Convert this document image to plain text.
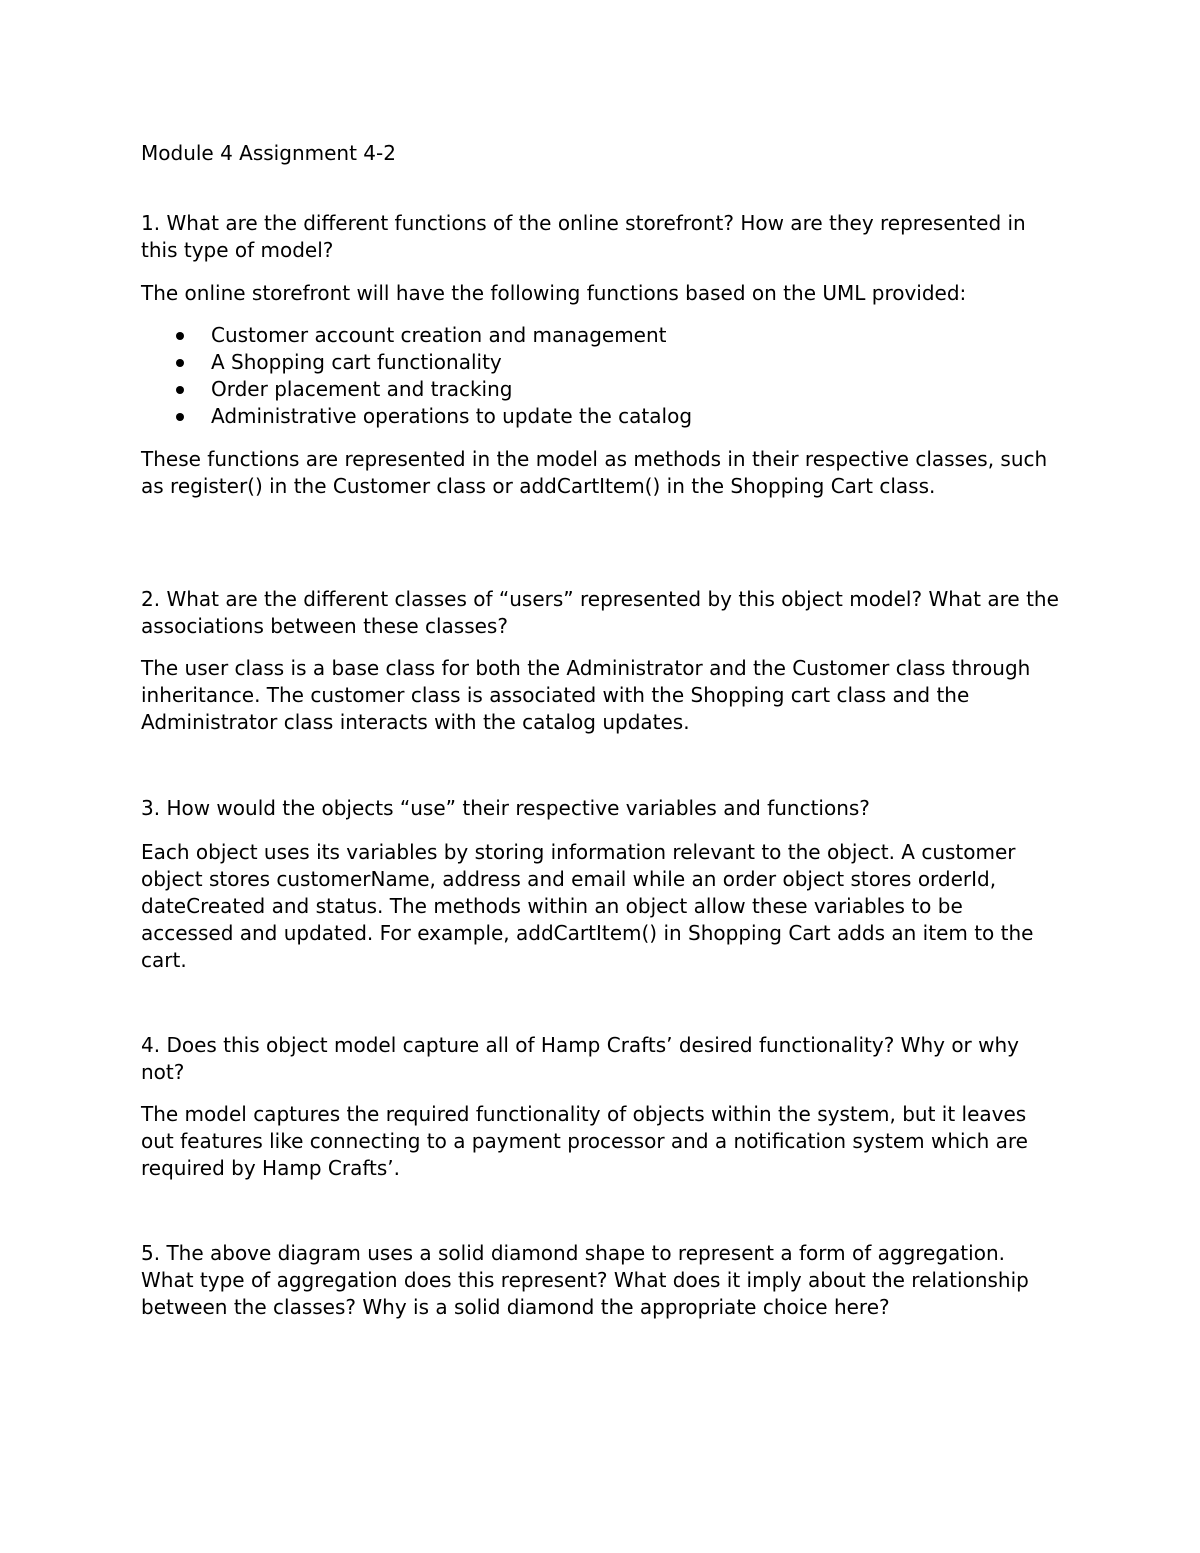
Module 4 Assignment 4-2

1. What are the different functions of the online storefront? How are they represented in this type of model?

The online storefront will have the following functions based on the UML provided:

Customer account creation and management
A Shopping cart functionality
Order placement and tracking
Administrative operations to update the catalog

These functions are represented in the model as methods in their respective classes, such as register() in the Customer class or addCartItem() in the Shopping Cart class.

2. What are the different classes of “users” represented by this object model? What are the associations between these classes?

The user class is a base class for both the Administrator and the Customer class through inheritance. The customer class is associated with the Shopping cart class and the Administrator class interacts with the catalog updates.

3. How would the objects “use” their respective variables and functions?

Each object uses its variables by storing information relevant to the object. A customer object stores customerName, address and email while an order object stores orderId, dateCreated and status. The methods within an object allow these variables to be accessed and updated. For example, addCartItem() in Shopping Cart adds an item to the cart.

4. Does this object model capture all of Hamp Crafts’ desired functionality? Why or why not?

The model captures the required functionality of objects within the system, but it leaves out features like connecting to a payment processor and a notification system which are required by Hamp Crafts’.

5. The above diagram uses a solid diamond shape to represent a form of aggregation. What type of aggregation does this represent? What does it imply about the relationship between the classes? Why is a solid diamond the appropriate choice here?
